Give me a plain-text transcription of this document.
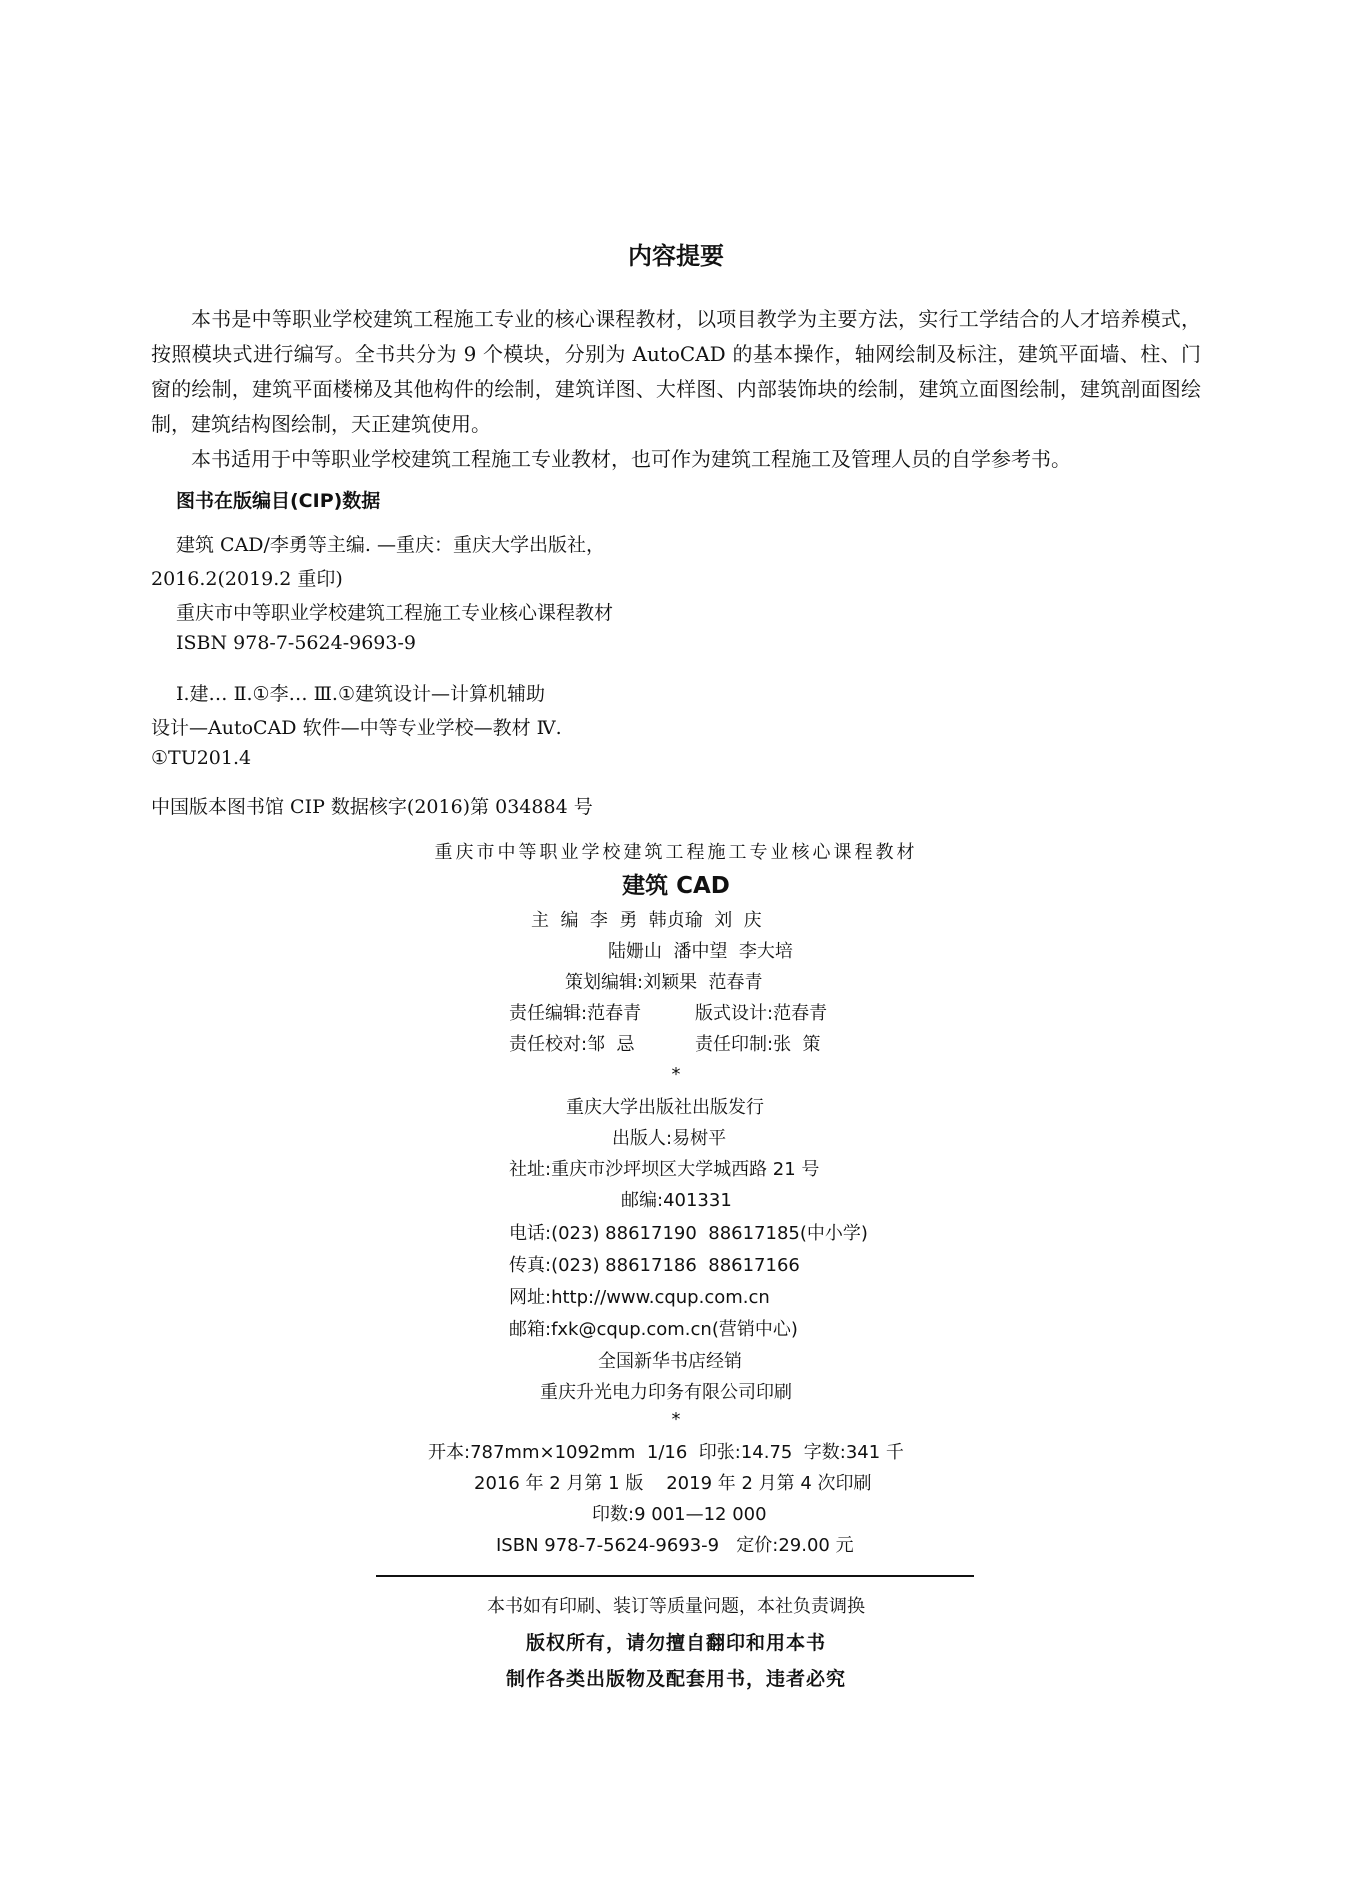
内容提要

本书是中等职业学校建筑工程施工专业的核心课程教材，以项目教学为主要方法，实行工学结合的人才培养模式，按照模块式进行编写。全书共分为 9 个模块，分别为 AutoCAD 的基本操作，轴网绘制及标注，建筑平面墙、柱、门窗的绘制，建筑平面楼梯及其他构件的绘制，建筑详图、大样图、内部装饰块的绘制，建筑立面图绘制，建筑剖面图绘制，建筑结构图绘制，天正建筑使用。

本书适用于中等职业学校建筑工程施工专业教材，也可作为建筑工程施工及管理人员的自学参考书。

图书在版编目(CIP)数据
建筑 CAD/李勇等主编. —重庆：重庆大学出版社，
2016.2(2019.2 重印)
重庆市中等职业学校建筑工程施工专业核心课程教材
ISBN 978-7-5624-9693-9
Ⅰ.建… Ⅱ.①李… Ⅲ.①建筑设计—计算机辅助
设计—AutoCAD 软件—中等专业学校—教材 Ⅳ.
①TU201.4
中国版本图书馆 CIP 数据核字(2016)第 034884 号
重庆市中等职业学校建筑工程施工专业核心课程教材
建筑 CAD
主  编  李  勇  韩贞瑜  刘  庆
陆姗山  潘中望  李大培
策划编辑:刘颖果  范春青
责任编辑:范春青	版式设计:范春青
责任校对:邹  忌	责任印制:张  策
*
重庆大学出版社出版发行
出版人:易树平
社址:重庆市沙坪坝区大学城西路 21 号
邮编:401331
电话:(023) 88617190  88617185(中小学)
传真:(023) 88617186  88617166
网址:http://www.cqup.com.cn
邮箱:fxk@cqup.com.cn(营销中心)
全国新华书店经销
重庆升光电力印务有限公司印刷
*
开本:787mm×1092mm  1/16  印张:14.75  字数:341 千
2016 年 2 月第 1 版    2019 年 2 月第 4 次印刷
印数:9 001—12 000
ISBN 978-7-5624-9693-9   定价:29.00 元
本书如有印刷、装订等质量问题，本社负责调换
版权所有，请勿擅自翻印和用本书
制作各类出版物及配套用书，违者必究
